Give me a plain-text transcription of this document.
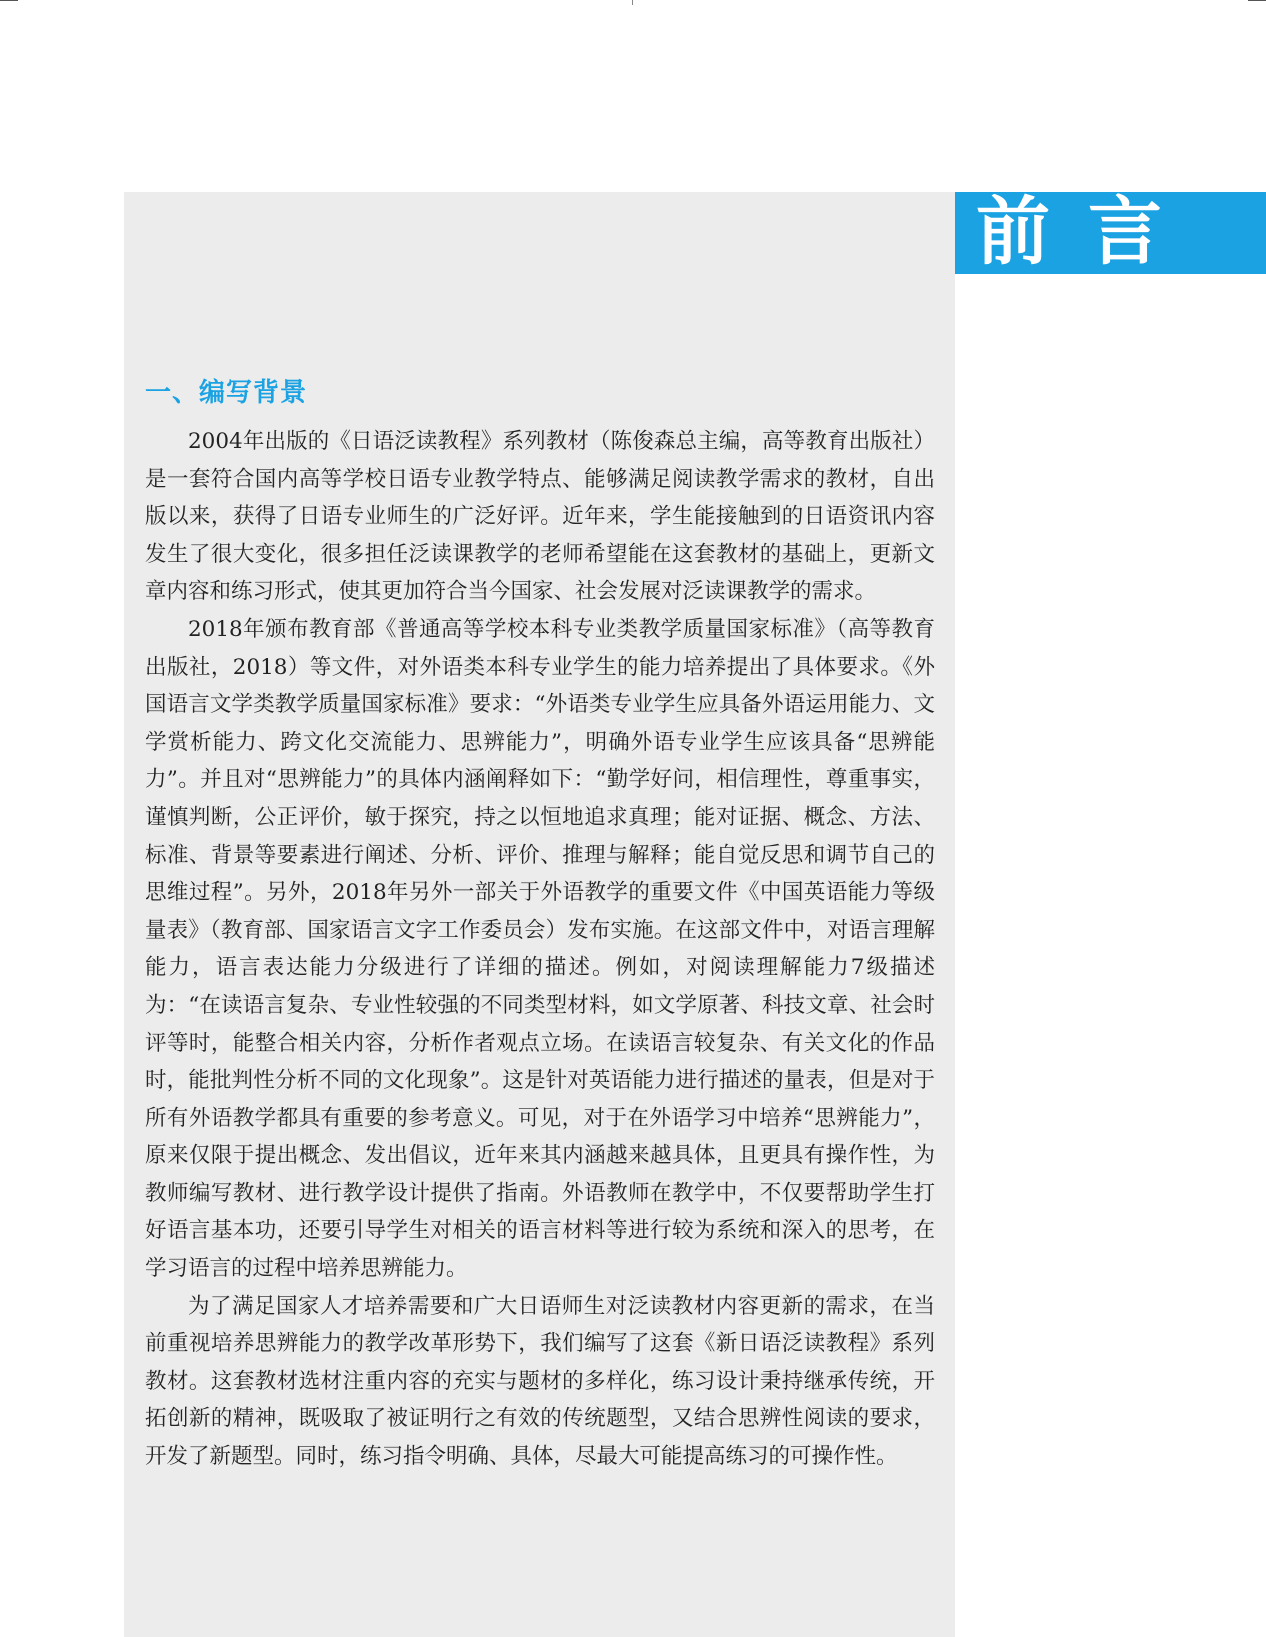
前言
一、编写背景

2004年出版的《日语泛读教程》系列教材（陈俊森总主编，高等教育出版社）是一套符合国内高等学校日语专业教学特点、能够满足阅读教学需求的教材，自出版以来，获得了日语专业师生的广泛好评。近年来，学生能接触到的日语资讯内容发生了很大变化，很多担任泛读课教学的老师希望能在这套教材的基础上，更新文章内容和练习形式，使其更加符合当今国家、社会发展对泛读课教学的需求。

2018年颁布教育部《普通高等学校本科专业类教学质量国家标准》（高等教育出版社，2018）等文件，对外语类本科专业学生的能力培养提出了具体要求。《外国语言文学类教学质量国家标准》要求：“外语类专业学生应具备外语运用能力、文学赏析能力、跨文化交流能力、思辨能力”，明确外语专业学生应该具备“思辨能力”。并且对“思辨能力”的具体内涵阐释如下：“勤学好问，相信理性，尊重事实，谨慎判断，公正评价，敏于探究，持之以恒地追求真理；能对证据、概念、方法、标准、背景等要素进行阐述、分析、评价、推理与解释；能自觉反思和调节自己的思维过程”。另外，2018年另外一部关于外语教学的重要文件《中国英语能力等级量表》（教育部、国家语言文字工作委员会）发布实施。在这部文件中，对语言理解能力，语言表达能力分级进行了详细的描述。例如，对阅读理解能力7级描述为：“在读语言复杂、专业性较强的不同类型材料，如文学原著、科技文章、社会时评等时，能整合相关内容，分析作者观点立场。在读语言较复杂、有关文化的作品时，能批判性分析不同的文化现象”。这是针对英语能力进行描述的量表，但是对于所有外语教学都具有重要的参考意义。可见，对于在外语学习中培养“思辨能力”，原来仅限于提出概念、发出倡议，近年来其内涵越来越具体，且更具有操作性，为教师编写教材、进行教学设计提供了指南。外语教师在教学中，不仅要帮助学生打好语言基本功，还要引导学生对相关的语言材料等进行较为系统和深入的思考，在学习语言的过程中培养思辨能力。

为了满足国家人才培养需要和广大日语师生对泛读教材内容更新的需求，在当前重视培养思辨能力的教学改革形势下，我们编写了这套《新日语泛读教程》系列教材。这套教材选材注重内容的充实与题材的多样化，练习设计秉持继承传统，开拓创新的精神，既吸取了被证明行之有效的传统题型，又结合思辨性阅读的要求，开发了新题型。同时，练习指令明确、具体，尽最大可能提高练习的可操作性。
